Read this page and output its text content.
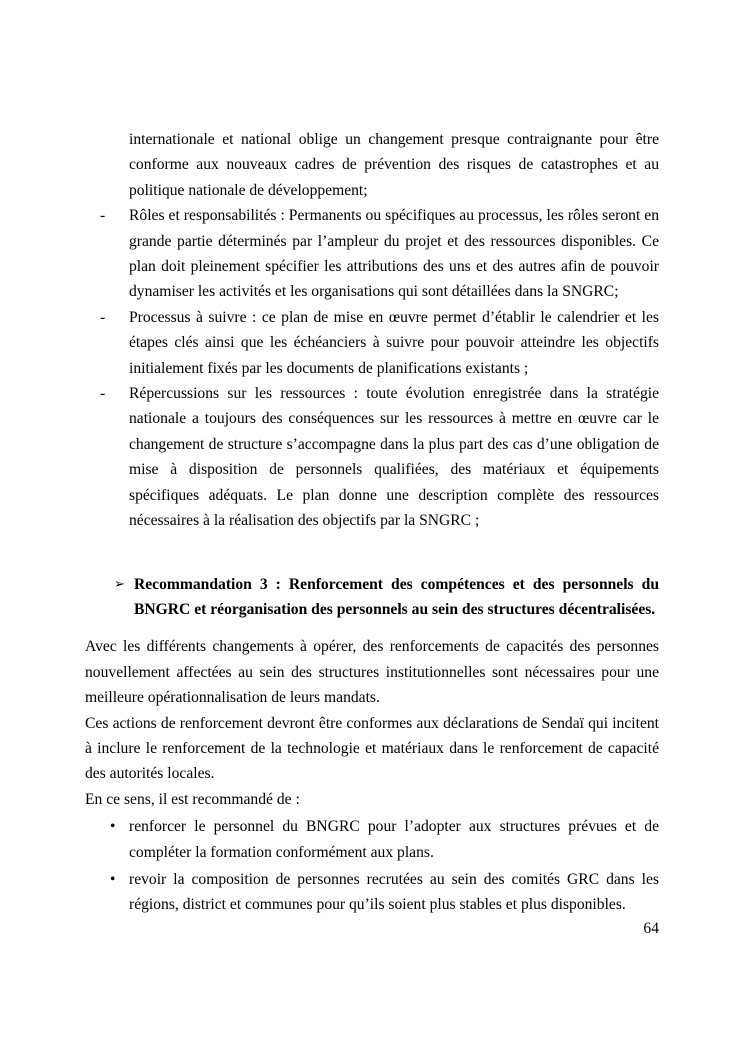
internationale et national oblige un changement presque contraignante pour être conforme aux nouveaux cadres de prévention des risques de catastrophes et au politique nationale de développement;
- Rôles et responsabilités : Permanents ou spécifiques au processus, les rôles seront en grande partie déterminés par l’ampleur du projet et des ressources disponibles. Ce plan doit pleinement spécifier les attributions des uns et des autres afin de pouvoir dynamiser les activités et les organisations qui sont détaillées dans la SNGRC;
- Processus à suivre : ce plan de mise en œuvre permet d’établir le calendrier et les étapes clés ainsi que les échéanciers à suivre pour pouvoir atteindre les objectifs initialement fixés par les documents de planifications existants ;
- Répercussions sur les ressources : toute évolution enregistrée dans la stratégie nationale a toujours des conséquences sur les ressources à mettre en œuvre car le changement de structure s’accompagne dans la plus part des cas d’une obligation de mise à disposition de personnels qualifiées, des matériaux et équipements spécifiques adéquats. Le plan donne une description complète des ressources nécessaires à la réalisation des objectifs par la SNGRC ;
➢ Recommandation 3 : Renforcement des compétences et des personnels du BNGRC et réorganisation des personnels au sein des structures décentralisées.
Avec les différents changements à opérer, des renforcements de capacités des personnes nouvellement affectées au sein des structures institutionnelles sont nécessaires pour une meilleure opérationnalisation de leurs mandats.
Ces actions de renforcement devront être conformes aux déclarations de Sendaï qui incitent à inclure le renforcement de la technologie et matériaux dans le renforcement de capacité des autorités locales.
En ce sens, il est recommandé de :
• renforcer le personnel du BNGRC pour l’adopter aux structures prévues et de compléter la formation conformément aux plans.
• revoir la composition de personnes recrutées au sein des comités GRC dans les régions, district et communes pour qu’ils soient plus stables et plus disponibles.
64
